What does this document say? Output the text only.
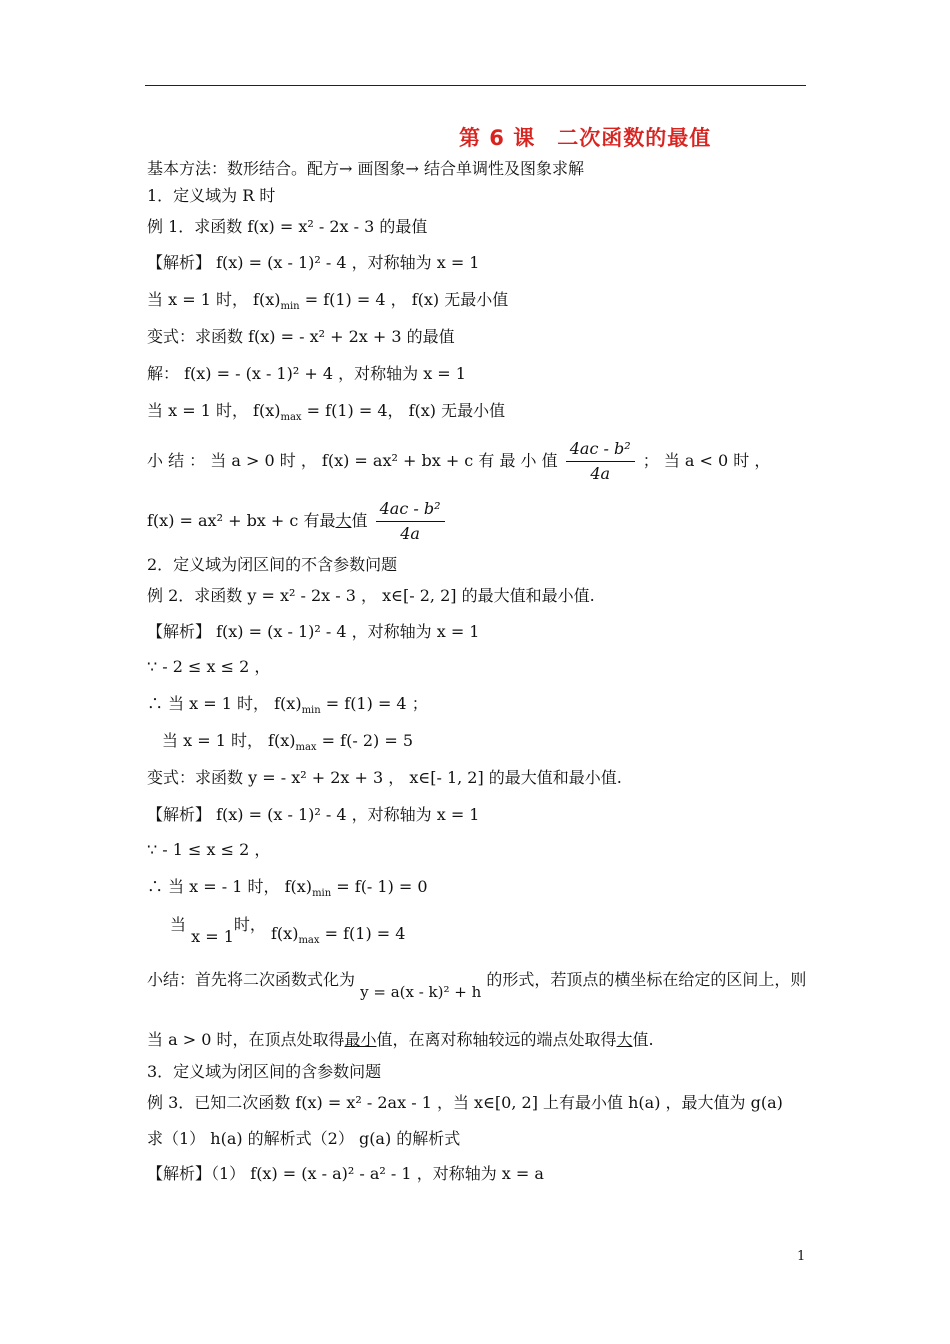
第 6 课　二次函数的最值
基本方法：数形结合。配方→ 画图象→ 结合单调性及图象求解
1．定义域为 R 时
例 1．求函数 f(x) = x² - 2x - 3 的最值
【解析】 f(x) = (x - 1)² - 4 ，对称轴为 x = 1
当 x = 1 时， $f(x)_{min} = f(1) = 4$ ， f(x) 无最小值
变式：求函数 f(x) = - x² + 2x + 3 的最值
解： f(x) = - (x - 1)² + 4 ，对称轴为 x = 1
当 x = 1 时， $f(x)_{max} = f(1) = 4$， f(x) 无最小值
小 结 ： 当 a > 0 时 ， f(x) = ax² + bx + c 有 最 小 值 $\frac{\text{4ac - b²}}{4a}$ ； 当 a < 0 时 ，
f(x) = ax² + bx + c 有最大值 $\frac{\text{4ac - b²}}{4a}$
2．定义域为闭区间的不含参数问题
例 2．求函数 y = x² - 2x - 3 ， x∈[- 2, 2] 的最大值和最小值.
【解析】 f(x) = (x - 1)² - 4 ，对称轴为 x = 1
∵ - 2 ≤ x ≤ 2 ，
∴ 当 x = 1 时， $f(x)_{min} = f(1) = 4$ ；
当 x = 1 时， $f(x)_{max} = f(-$ 2) = 5
变式：求函数 y = - x² + 2x + 3 ， x∈[- 1, 2] 的最大值和最小值.
【解析】 f(x) = (x - 1)² - 4 ，对称轴为 x = 1
∵ - 1 ≤ x ≤ 2 ，
∴ 当 x = - 1 时， $f(x)_{min} = f(-$ 1) = 0
当 x = 1时， $f(x)_{max} = f(1) = 4$
小结：首先将二次函数式化为 y = a(x - k)² + h 的形式，若顶点的横坐标在给定的区间上，则
当 a > 0 时，在顶点处取得最小值，在离对称轴较远的端点处取得大值.
3．定义域为闭区间的含参数问题
例 3．已知二次函数 f(x) = x² - 2ax - 1 ，当 x∈[0, 2] 上有最小值 h(a) ，最大值为 g(a)
求（1） h(a) 的解析式（2） g(a) 的解析式
【解析】（1） f(x) = (x - a)² - a² - 1 ，对称轴为 x = a
1
